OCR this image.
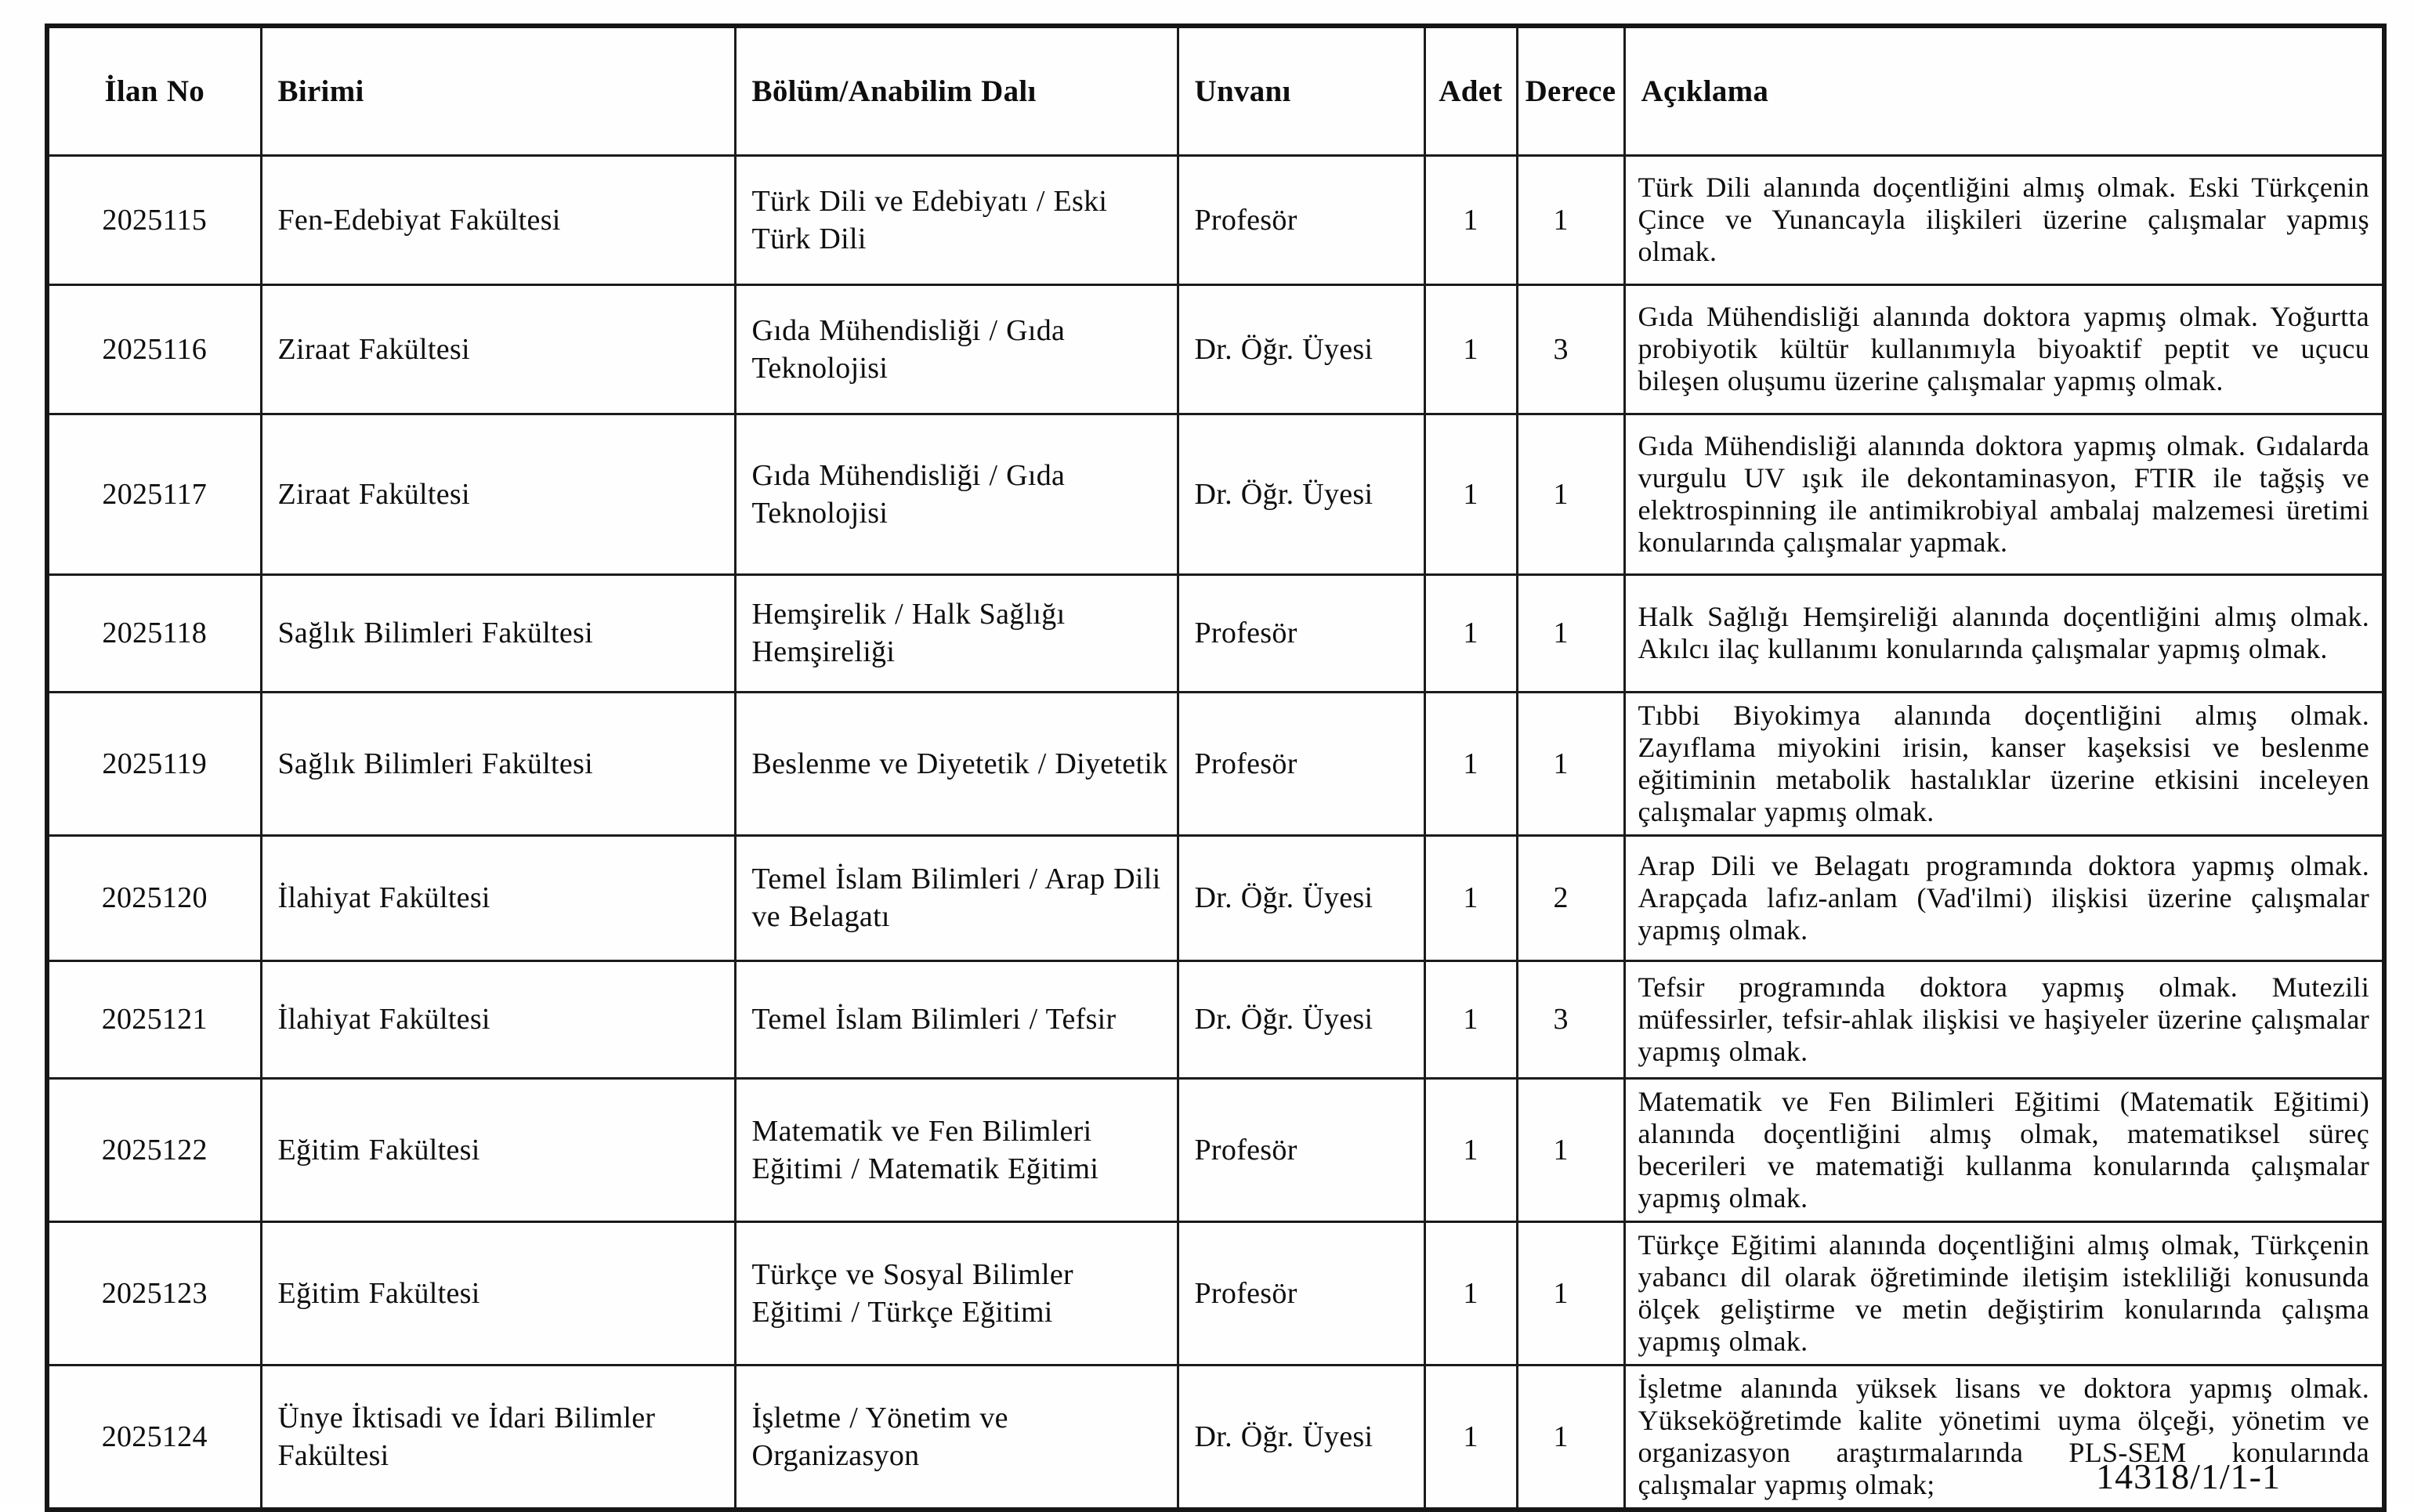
İlan No	Birimi	Bölüm/Anabilim Dalı	Unvanı	Adet	Derece	Açıklama
2025115	Fen-Edebiyat Fakültesi	Türk Dili ve Edebiyatı / Eski Türk Dili	Profesör	1	1	Türk Dili alanında doçentliğini almış olmak. Eski Türkçenin Çince ve Yunancayla ilişkileri üzerine çalışmalar yapmış olmak.
2025116	Ziraat Fakültesi	Gıda Mühendisliği / Gıda Teknolojisi	Dr. Öğr. Üyesi	1	3	Gıda Mühendisliği alanında doktora yapmış olmak. Yoğurtta probiyotik kültür kullanımıyla biyoaktif peptit ve uçucu bileşen oluşumu üzerine çalışmalar yapmış olmak.
2025117	Ziraat Fakültesi	Gıda Mühendisliği / Gıda Teknolojisi	Dr. Öğr. Üyesi	1	1	Gıda Mühendisliği alanında doktora yapmış olmak. Gıdalarda vurgulu UV ışık ile dekontaminasyon, FTIR ile tağşiş ve elektrospinning ile antimikrobiyal ambalaj malzemesi üretimi konularında çalışmalar yapmak.
2025118	Sağlık Bilimleri Fakültesi	Hemşirelik / Halk Sağlığı Hemşireliği	Profesör	1	1	Halk Sağlığı Hemşireliği alanında doçentliğini almış olmak. Akılcı ilaç kullanımı konularında çalışmalar yapmış olmak.
2025119	Sağlık Bilimleri Fakültesi	Beslenme ve Diyetetik / Diyetetik	Profesör	1	1	Tıbbi Biyokimya alanında doçentliğini almış olmak. Zayıflama miyokini irisin, kanser kaşeksisi ve beslenme eğitiminin metabolik hastalıklar üzerine etkisini inceleyen çalışmalar yapmış olmak.
2025120	İlahiyat Fakültesi	Temel İslam Bilimleri / Arap Dili ve Belagatı	Dr. Öğr. Üyesi	1	2	Arap Dili ve Belagatı programında doktora yapmış olmak. Arapçada lafız-anlam (Vad'ilmi) ilişkisi üzerine çalışmalar yapmış olmak.
2025121	İlahiyat Fakültesi	Temel İslam Bilimleri / Tefsir	Dr. Öğr. Üyesi	1	3	Tefsir programında doktora yapmış olmak. Mutezili müfessirler, tefsir-ahlak ilişkisi ve haşiyeler üzerine çalışmalar yapmış olmak.
2025122	Eğitim Fakültesi	Matematik ve Fen Bilimleri Eğitimi / Matematik Eğitimi	Profesör	1	1	Matematik ve Fen Bilimleri Eğitimi (Matematik Eğitimi) alanında doçentliğini almış olmak, matematiksel süreç becerileri ve matematiği kullanma konularında çalışmalar yapmış olmak.
2025123	Eğitim Fakültesi	Türkçe ve Sosyal Bilimler Eğitimi / Türkçe Eğitimi	Profesör	1	1	Türkçe Eğitimi alanında doçentliğini almış olmak, Türkçenin yabancı dil olarak öğretiminde iletişim istekliliği konusunda ölçek geliştirme ve metin değiştirim konularında çalışma yapmış olmak.
2025124	Ünye İktisadi ve İdari Bilimler Fakültesi	İşletme / Yönetim ve Organizasyon	Dr. Öğr. Üyesi	1	1	İşletme alanında yüksek lisans ve doktora yapmış olmak. Yükseköğretimde kalite yönetimi uyma ölçeği, yönetim ve organizasyon araştırmalarında PLS-SEM konularında çalışmalar yapmış olmak;	14318/1/1-1
